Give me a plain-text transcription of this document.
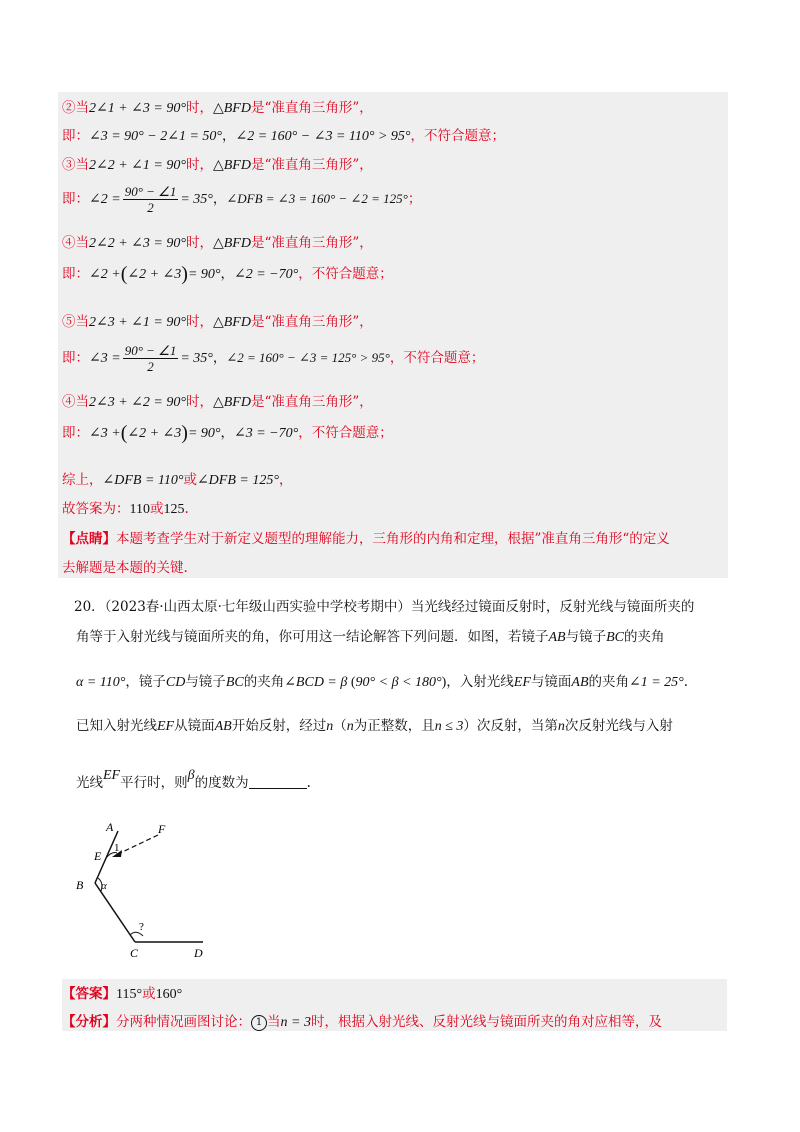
②当2∠1 + ∠3 = 90°时，△BFD是“准直角三角形”，
即：∠3 = 90° − 2∠1 = 50°，∠2 = 160° − ∠3 = 110° > 95°，不符合题意；
③当2∠2 + ∠1 = 90°时，△BFD是“准直角三角形”，
即：∠2 = $\frac{90^\circ - \angle 1}{2} = 35^\circ$，∠DFB = ∠3 = 160° − ∠2 = 125°；
④当2∠2 + ∠3 = 90°时，△BFD是“准直角三角形”，
即：∠2 +(∠2 + ∠3)= 90°，∠2 = −70°，不符合题意；
⑤当2∠3 + ∠1 = 90°时，△BFD是“准直角三角形”，
即：∠3 = $\frac{90^\circ - \angle 1}{2} = 35^\circ$，∠2 = 160° − ∠3 = 125° > 95°，不符合题意；
④当2∠3 + ∠2 = 90°时，△BFD是“准直角三角形”，
即：∠3 +(∠2 + ∠3)= 90°，∠3 = −70°，不符合题意；
综上，∠DFB = 110°或∠DFB = 125°，
故答案为：110或125.
【点睛】本题考查学生对于新定义题型的理解能力，三角形的内角和定理，根据”准直角三角形“的定义
去解题是本题的关键.
20．（2023春·山西太原·七年级山西实验中学校考期中）当光线经过镜面反射时，反射光线与镜面所夹的
角等于入射光线与镜面所夹的角，你可用这一结论解答下列问题．如图，若镜子AB与镜子BC的夹角
α = 110°，镜子CD与镜子BC的夹角∠BCD = β (90° < β < 180°)，入射光线EF与镜面AB的夹角∠1 = 25°.
已知入射光线EF从镜面AB开始反射，经过n（n为正整数，且n ≤ 3）次反射，当第n次反射光线与入射
光线EF平行时，则β的度数为	.
A	F
E
1
B α
?
C	D
【答案】115°或160°
【分析】分两种情况画图讨论： 1 当n = 3时，根据入射光线、反射光线与镜面所夹的角对应相等，及
